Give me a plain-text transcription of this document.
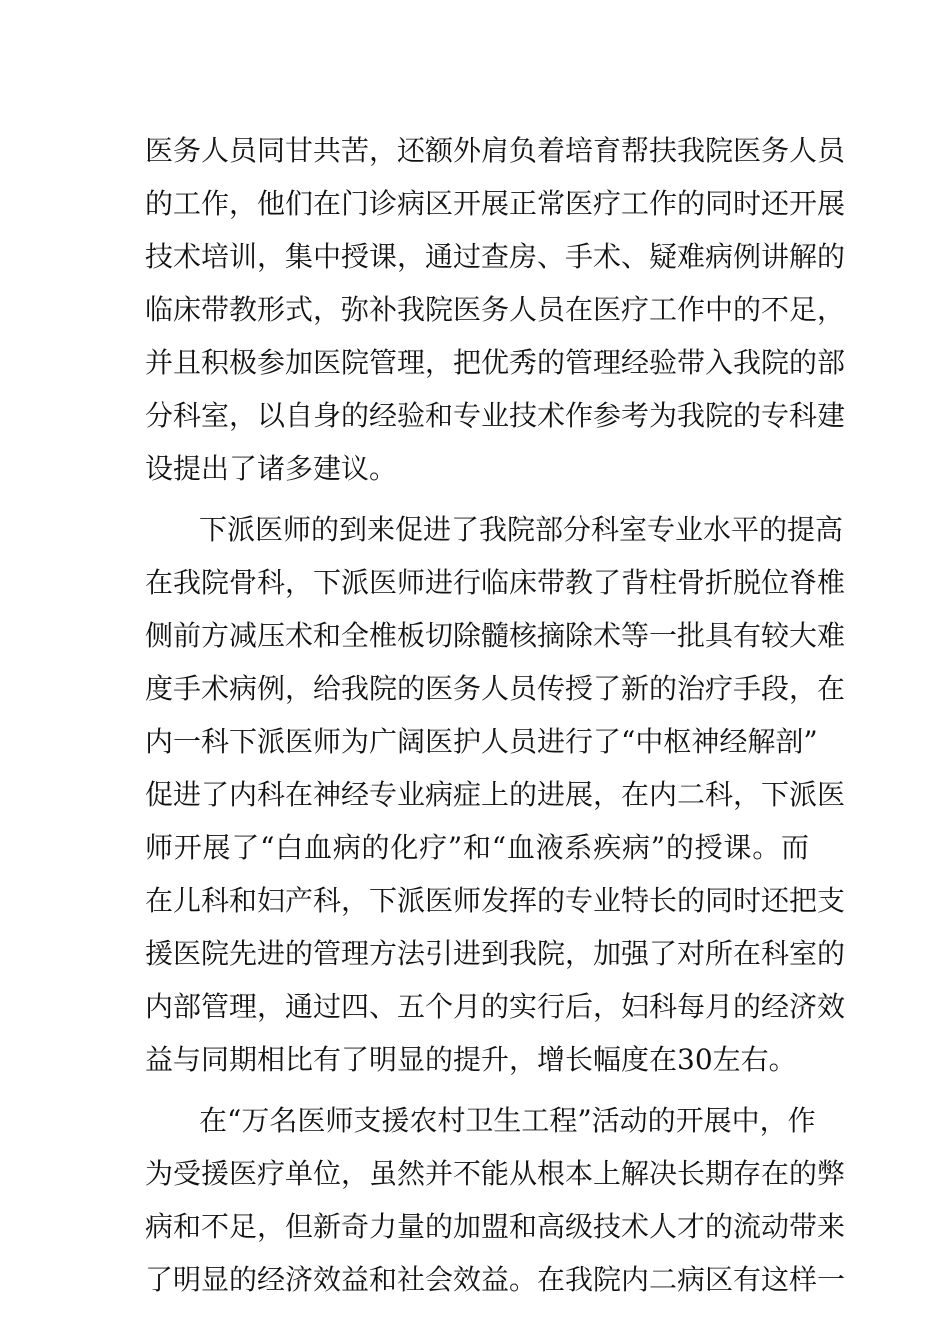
医务人员同甘共苦，还额外肩负着培育帮扶我院医务人员
的工作，他们在门诊病区开展正常医疗工作的同时还开展
技术培训，集中授课，通过查房、手术、疑难病例讲解的
临床带教形式，弥补我院医务人员在医疗工作中的不足，
并且积极参加医院管理，把优秀的管理经验带入我院的部
分科室，以自身的经验和专业技术作参考为我院的专科建
设提出了诸多建议。
下派医师的到来促进了我院部分科室专业水平的提高
在我院骨科，下派医师进行临床带教了背柱骨折脱位脊椎
侧前方减压术和全椎板切除髓核摘除术等一批具有较大难
度手术病例，给我院的医务人员传授了新的治疗手段，在
内一科下派医师为广阔医护人员进行了“中枢神经解剖”
促进了内科在神经专业病症上的进展，在内二科，下派医
师开展了“白血病的化疗”和“血液系疾病”的授课。而
在儿科和妇产科，下派医师发挥的专业特长的同时还把支
援医院先进的管理方法引进到我院，加强了对所在科室的
内部管理，通过四、五个月的实行后，妇科每月的经济效
益与同期相比有了明显的提升，增长幅度在30左右。
在“万名医师支援农村卫生工程”活动的开展中，作
为受援医疗单位，虽然并不能从根本上解决长期存在的弊
病和不足，但新奇力量的加盟和高级技术人才的流动带来
了明显的经济效益和社会效益。在我院内二病区有这样一
